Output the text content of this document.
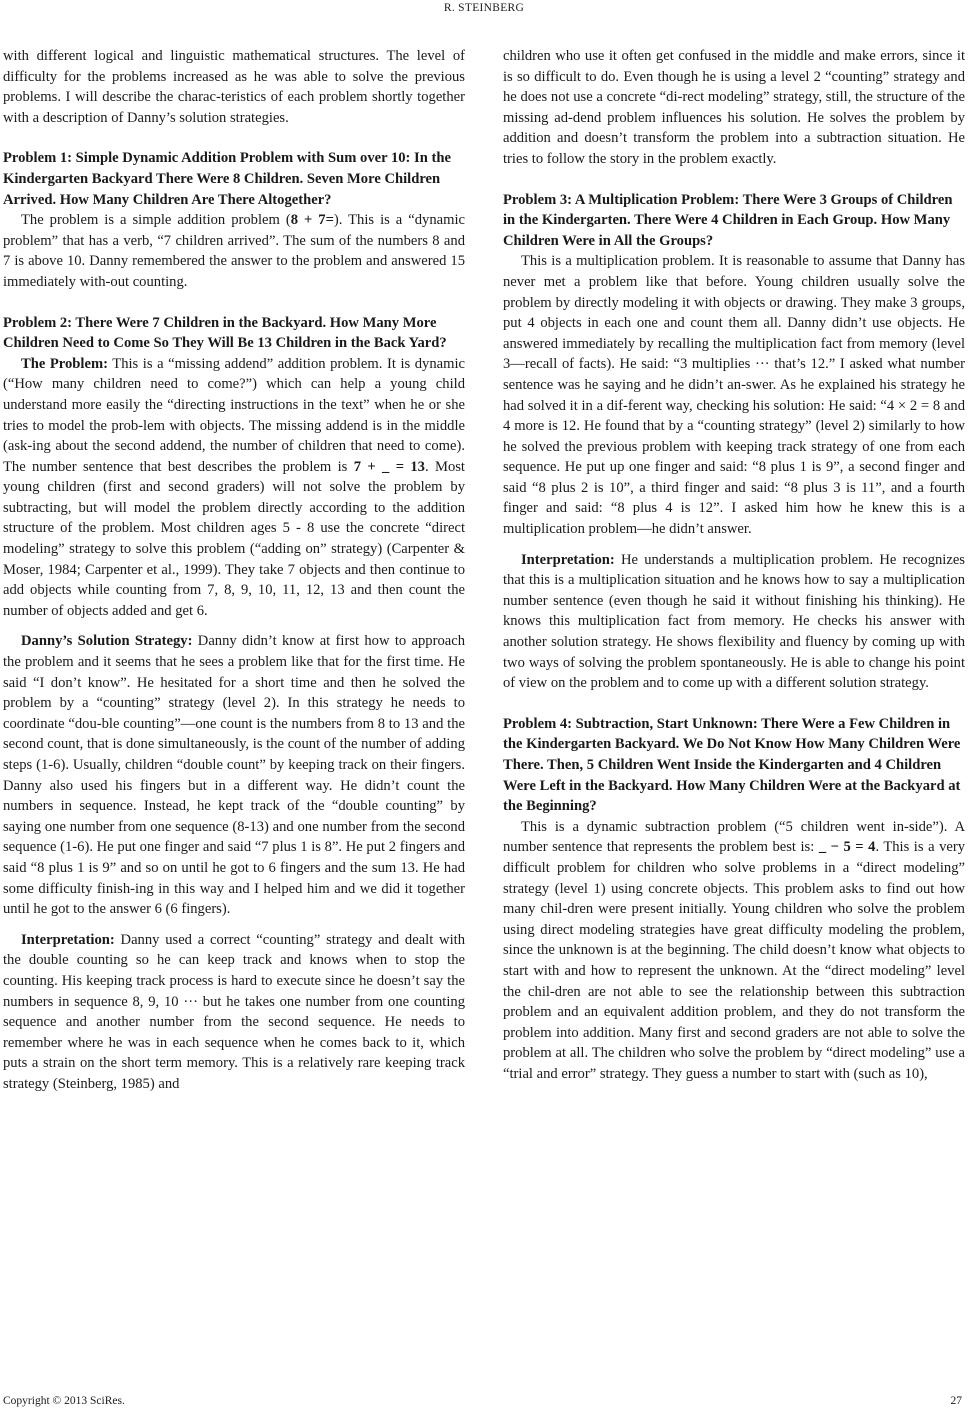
R. STEINBERG

with different logical and linguistic mathematical structures. The level of difficulty for the problems increased as he was able to solve the previous problems. I will describe the charac-teristics of each problem shortly together with a description of Danny’s solution strategies.

Problem 1: Simple Dynamic Addition Problem with Sum over 10: In the Kindergarten Backyard There Were 8 Children. Seven More Children Arrived. How Many Children Are There Altogether?

The problem is a simple addition problem (8 + 7=). This is a “dynamic problem” that has a verb, “7 children arrived”. The sum of the numbers 8 and 7 is above 10. Danny remembered the answer to the problem and answered 15 immediately with-out counting.

Problem 2: There Were 7 Children in the Backyard. How Many More Children Need to Come So They Will Be 13 Children in the Back Yard?

The Problem: This is a “missing addend” addition problem. It is dynamic (“How many children need to come?”) which can help a young child understand more easily the “directing instructions in the text” when he or she tries to model the prob-lem with objects. The missing addend is in the middle (ask-ing about the second addend, the number of children that need to come). The number sentence that best describes the problem is 7 + _ = 13. Most young children (first and second graders) will not solve the problem by subtracting, but will model the problem directly according to the addition structure of the problem. Most children ages 5 - 8 use the concrete “direct modeling” strategy to solve this problem (“adding on” strategy) (Carpenter & Moser, 1984; Carpenter et al., 1999). They take 7 objects and then continue to add objects while counting from 7, 8, 9, 10, 11, 12, 13 and then count the number of objects added and get 6.

Danny’s Solution Strategy: Danny didn’t know at first how to approach the problem and it seems that he sees a problem like that for the first time. He said “I don’t know”. He hesitated for a short time and then he solved the problem by a “counting” strategy (level 2). In this strategy he needs to coordinate “dou-ble counting”—one count is the numbers from 8 to 13 and the second count, that is done simultaneously, is the count of the number of adding steps (1-6). Usually, children “double count” by keeping track on their fingers. Danny also used his fingers but in a different way. He didn’t count the numbers in sequence. Instead, he kept track of the “double counting” by saying one number from one sequence (8-13) and one number from the second sequence (1-6). He put one finger and said “7 plus 1 is 8”. He put 2 fingers and said “8 plus 1 is 9” and so on until he got to 6 fingers and the sum 13. He had some difficulty finish-ing in this way and I helped him and we did it together until he got to the answer 6 (6 fingers).

Interpretation: Danny used a correct “counting” strategy and dealt with the double counting so he can keep track and knows when to stop the counting. His keeping track process is hard to execute since he doesn’t say the numbers in sequence 8, 9, 10 ··· but he takes one number from one counting sequence and another number from the second sequence. He needs to remember where he was in each sequence when he comes back to it, which puts a strain on the short term memory. This is a relatively rare keeping track strategy (Steinberg, 1985) and

children who use it often get confused in the middle and make errors, since it is so difficult to do. Even though he is using a level 2 “counting” strategy and he does not use a concrete “di-rect modeling” strategy, still, the structure of the missing ad-dend problem influences his solution. He solves the problem by addition and doesn’t transform the problem into a subtraction situation. He tries to follow the story in the problem exactly.

Problem 3: A Multiplication Problem: There Were 3 Groups of Children in the Kindergarten. There Were 4 Children in Each Group. How Many Children Were in All the Groups?

This is a multiplication problem. It is reasonable to assume that Danny has never met a problem like that before. Young children usually solve the problem by directly modeling it with objects or drawing. They make 3 groups, put 4 objects in each one and count them all. Danny didn’t use objects. He answered immediately by recalling the multiplication fact from memory (level 3—recall of facts). He said: “3 multiplies ··· that’s 12.” I asked what number sentence was he saying and he didn’t an-swer. As he explained his strategy he had solved it in a dif-ferent way, checking his solution: He said: “4 × 2 = 8 and 4 more is 12. He found that by a “counting strategy” (level 2) similarly to how he solved the previous problem with keeping track strategy of one from each sequence. He put up one finger and said: “8 plus 1 is 9”, a second finger and said “8 plus 2 is 10”, a third finger and said: “8 plus 3 is 11”, and a fourth finger and said: “8 plus 4 is 12”. I asked him how he knew this is a multiplication problem—he didn’t answer.

Interpretation: He understands a multiplication problem. He recognizes that this is a multiplication situation and he knows how to say a multiplication number sentence (even though he said it without finishing his thinking). He knows this multiplication fact from memory. He checks his answer with another solution strategy. He shows flexibility and fluency by coming up with two ways of solving the problem spontaneously. He is able to change his point of view on the problem and to come up with a different solution strategy.

Problem 4: Subtraction, Start Unknown: There Were a Few Children in the Kindergarten Backyard. We Do Not Know How Many Children Were There. Then, 5 Children Went Inside the Kindergarten and 4 Children Were Left in the Backyard. How Many Children Were at the Backyard at the Beginning?

This is a dynamic subtraction problem (“5 children went in-side”). A number sentence that represents the problem best is: _ − 5 = 4. This is a very difficult problem for children who solve problems in a “direct modeling” strategy (level 1) using concrete objects. This problem asks to find out how many chil-dren were present initially. Young children who solve the problem using direct modeling strategies have great difficulty modeling the problem, since the unknown is at the beginning. The child doesn’t know what objects to start with and how to represent the unknown. At the “direct modeling” level the chil-dren are not able to see the relationship between this subtraction problem and an equivalent addition problem, and they do not transform the problem into addition. Many first and second graders are not able to solve the problem at all. The children who solve the problem by “direct modeling” use a “trial and error” strategy. They guess a number to start with (such as 10),

Copyright © 2013 SciRes.	27
